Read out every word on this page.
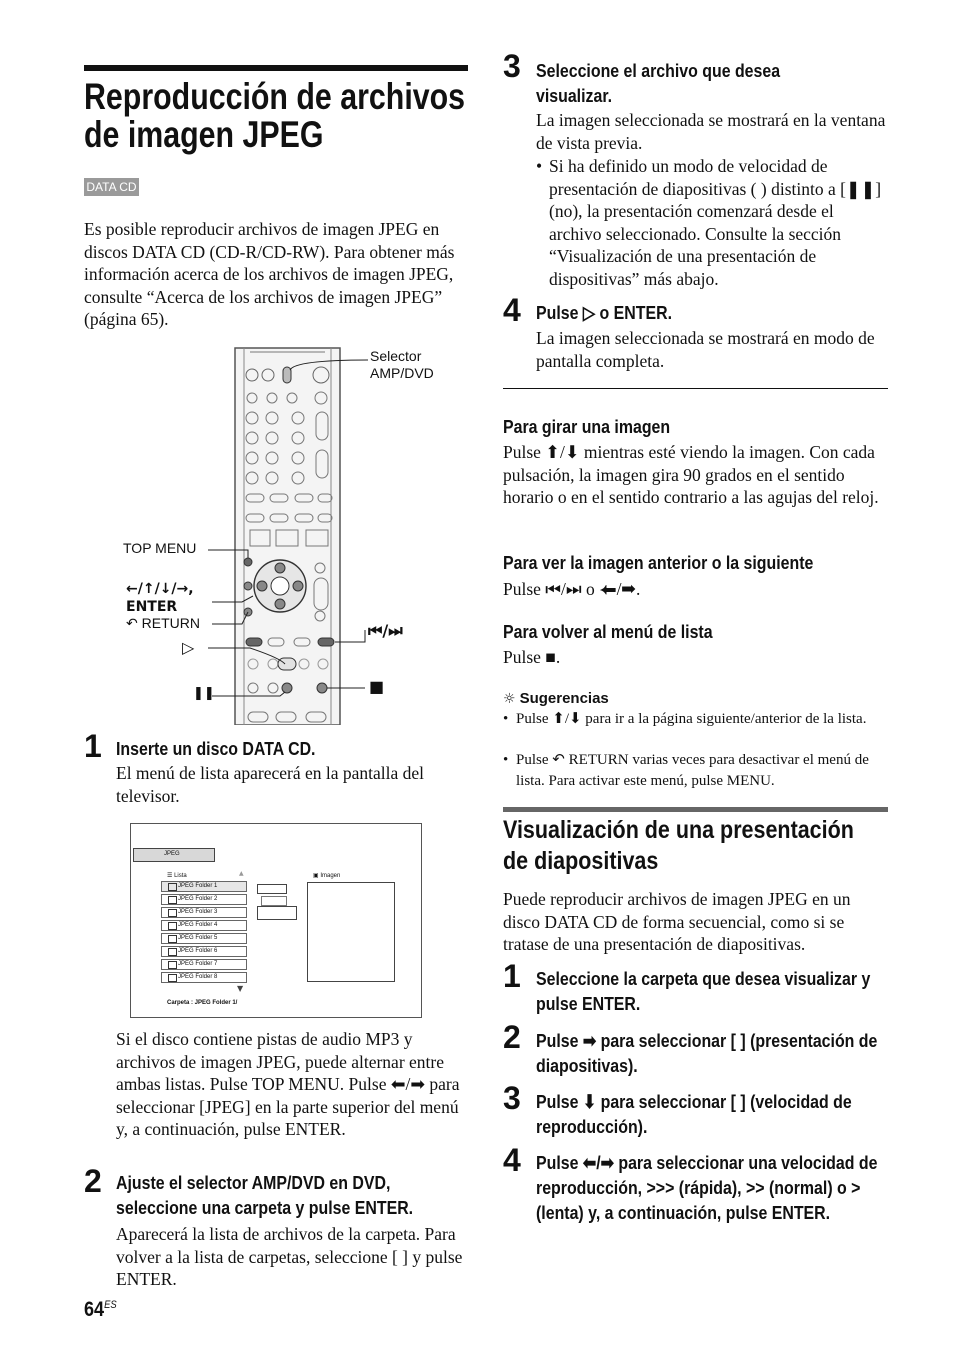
Reproducción de archivos de imagen JPEG
DATA CD
Es posible reproducir archivos de imagen JPEG en discos DATA CD (CD-R/CD-RW). Para obtener más información acerca de los archivos de imagen JPEG, consulte “Acerca de los archivos de imagen JPEG” (página 65).
Selector AMP/DVD
TOP MENU
←/↑/↓/→, ENTER
↶ RETURN
▷
❚❚
⏮/⏭
■
1 Inserte un disco DATA CD.
El menú de lista aparecerá en la pantalla del televisor.
JPEG
☰ Lista
JPEG Folder 1
JPEG Folder 2
JPEG Folder 3
JPEG Folder 4
JPEG Folder 5
JPEG Folder 6
JPEG Folder 7
JPEG Folder 8
▼
▲	▣ Imagen
Carpeta : JPEG Folder 1/
Si el disco contiene pistas de audio MP3 y archivos de imagen JPEG, puede alternar entre ambas listas. Pulse TOP MENU. Pulse ⬅/➡ para seleccionar [JPEG] en la parte superior del menú y, a continuación, pulse ENTER.
2 Ajuste el selector AMP/DVD en DVD, seleccione una carpeta y pulse ENTER.
Aparecerá la lista de archivos de la carpeta. Para volver a la lista de carpetas, seleccione [ ] y pulse ENTER.
$64^{ES}$
3 Seleccione el archivo que desea visualizar.
La imagen seleccionada se mostrará en la ventana de vista previa.
• Si ha definido un modo de velocidad de presentación de diapositivas ( ) distinto a [❚❚] (no), la presentación comenzará desde el archivo seleccionado. Consulte la sección “Visualización de una presentación de dispositivas” más abajo.
4 Pulse ▷ o ENTER.
La imagen seleccionada se mostrará en modo de pantalla completa.
Para girar una imagen
Pulse ⬆/⬇ mientras esté viendo la imagen. Con cada pulsación, la imagen gira 90 grados en el sentido horario o en el sentido contrario a las agujas del reloj.
Para ver la imagen anterior o la siguiente
Pulse ⏮/⏭ o ⬅/➡.
Para volver al menú de lista
Pulse ■.
☼ Sugerencias
• Pulse ⬆/⬇ para ir a la página siguiente/anterior de la lista.
• Pulse ↶ RETURN varias veces para desactivar el menú de lista. Para activar este menú, pulse MENU.
Visualización de una presentación de diapositivas
Puede reproducir archivos de imagen JPEG en un disco DATA CD de forma secuencial, como si se tratase de una presentación de diapositivas.
1 Seleccione la carpeta que desea visualizar y pulse ENTER.
2 Pulse ➡ para seleccionar [ ] (presentación de diapositivas).
3 Pulse ⬇ para seleccionar [ ] (velocidad de reproducción).
4 Pulse ⬅/➡ para seleccionar una velocidad de reproducción, >>> (rápida), >> (normal) o > (lenta) y, a continuación, pulse ENTER.
